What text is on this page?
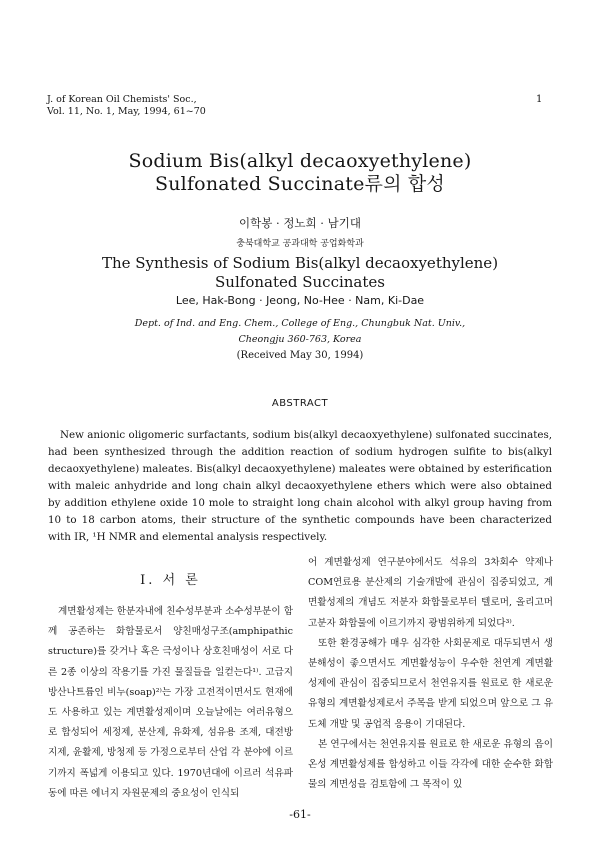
J. of Korean Oil Chemists' Soc.,
Vol. 11, No. 1, May, 1994, 61~70
1
Sodium Bis(alkyl decaoxyethylene)
Sulfonated Succinate류의 합성
이학봉 · 정노희 · 남기대
충북대학교 공과대학 공업화학과
The Synthesis of Sodium Bis(alkyl decaoxyethylene)
Sulfonated Succinates
Lee, Hak-Bong · Jeong, No-Hee · Nam, Ki-Dae
Dept. of Ind. and Eng. Chem., College of Eng., Chungbuk Nat. Univ.,
Cheongju 360-763, Korea
(Received May 30, 1994)
ABSTRACT

New anionic oligomeric surfactants, sodium bis(alkyl decaoxyethylene) sulfonated succinates, had been synthesized through the addition reaction of sodium hydrogen sulfite to bis(alkyl decaoxyethylene) maleates. Bis(alkyl decaoxyethylene) maleates were obtained by esterification with maleic anhydride and long chain alkyl decaoxyethylene ethers which were also obtained by addition ethylene oxide 10 mole to straight long chain alcohol with alkyl group having from 10 to 18 carbon atoms, their structure of the synthetic compounds have been characterized with IR, ¹H NMR and elemental analysis respectively.

I. 서 론

계면활성제는 한분자내에 친수성부분과 소수성부분이 함께 공존하는 화합물로서 양친매성구조(amphipathic structure)를 갖거나 혹은 극성이나 상호친매성이 서로 다른 2종 이상의 작용기를 가진 물질들을 일컫는다¹⁾. 고급지방산나트륨인 비누(soap)²⁾는 가장 고전적이면서도 현재에도 사용하고 있는 계면활성제이며 오늘날에는 여러유형으로 합성되어 세정제, 분산제, 유화제, 섬유용 조제, 대전방지제, 윤활제, 방청제 등 가정으로부터 산업 각 분야에 이르기까지 폭넓게 이용되고 있다. 1970년대에 이르러 석유파동에 따른 에너지 자원문제의 중요성이 인식되

어 계면활성제 연구분야에서도 석유의 3차회수 약제나 COM연료용 분산제의 기술개발에 관심이 집중되었고, 계면활성제의 개념도 저분자 화합물로부터 텔로머, 올리고머 고분자 화합물에 이르기까지 광범위하게 되었다³⁾.

또한 환경공해가 매우 심각한 사회문제로 대두되면서 생분해성이 좋으면서도 계면활성능이 우수한 천연계 계면활성제에 관심이 집중되므로서 천연유지를 원료로 한 새로운 유형의 계면활성제로서 주목을 받게 되었으며 앞으로 그 유도체 개발 및 공업적 응용이 기대된다.

본 연구에서는 천연유지를 원료로 한 새로운 유형의 음이온성 계면활성제를 합성하고 이들 각각에 대한 순수한 화합물의 계면성을 검토함에 그 목적이 있

-61-
